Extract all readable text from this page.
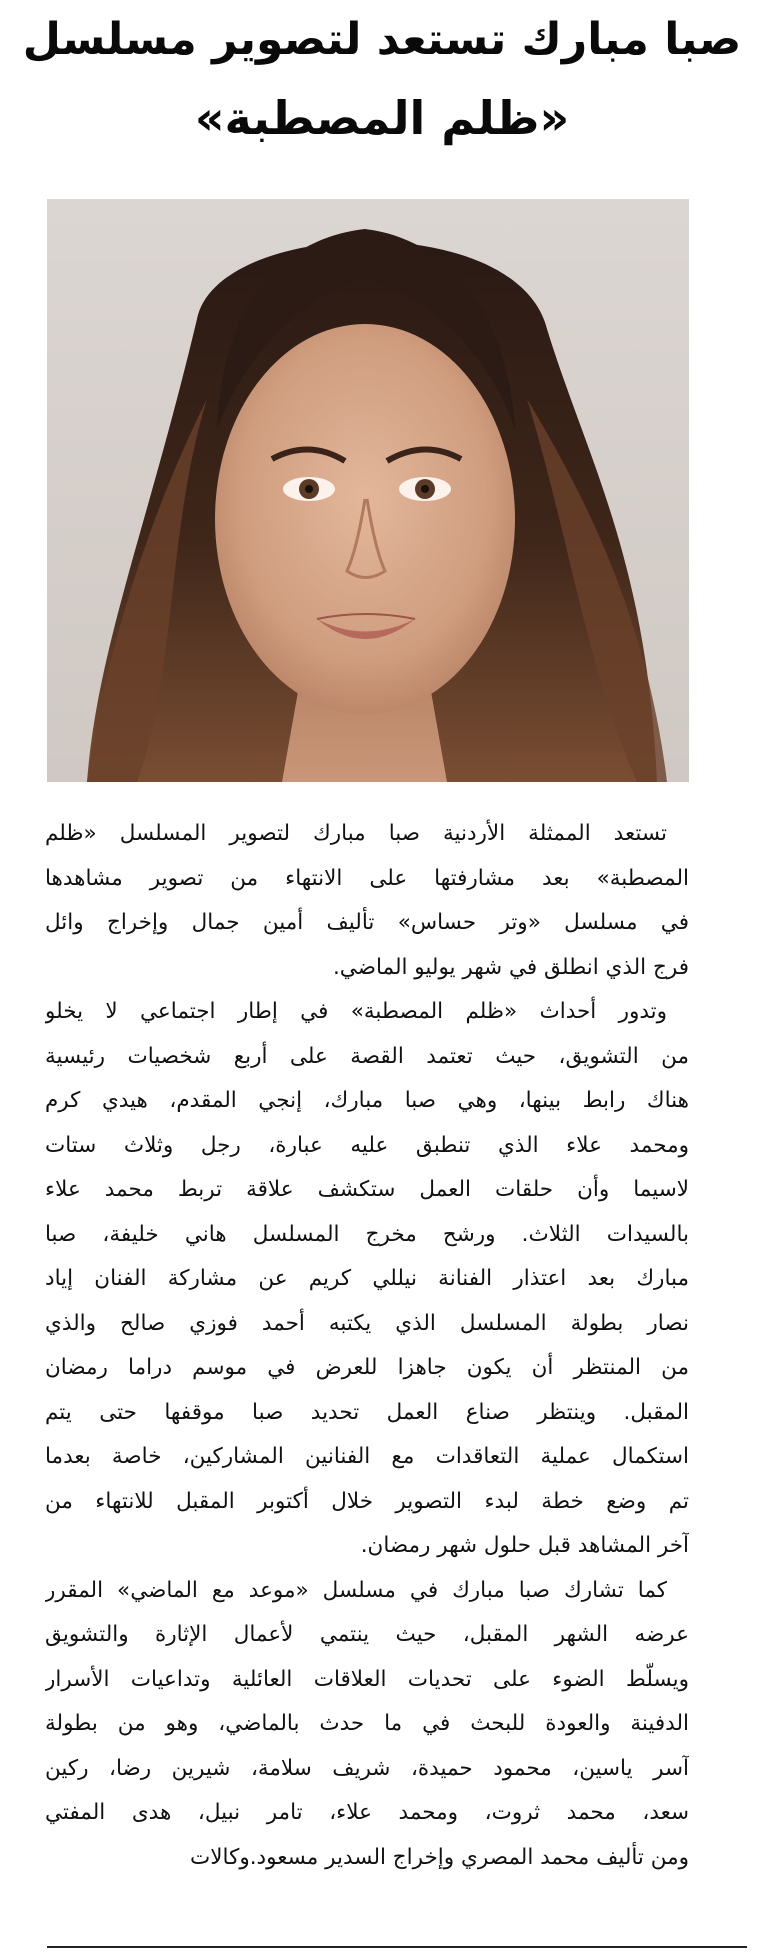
صبا مبارك تستعد لتصوير مسلسل
«ظلم المصطبة»
تستعد الممثلة الأردنية صبا مبارك لتصوير المسلسل «ظلم
المصطبة» بعد مشارفتها على الانتهاء من تصوير مشاهدها
في مسلسل «وتر حساس» تأليف أمين جمال وإخراج وائل
فرج الذي انطلق في شهر يوليو الماضي.
وتدور أحداث «ظلم المصطبة» في إطار اجتماعي لا يخلو
من التشويق، حيث تعتمد القصة على أربع شخصيات رئيسية
هناك رابط بينها، وهي صبا مبارك، إنجي المقدم، هيدي كرم
ومحمد علاء الذي تنطبق عليه عبارة، رجل وثلاث ستات
لاسيما وأن حلقات العمل ستكشف علاقة تربط محمد علاء
بالسيدات الثلاث. ورشح مخرج المسلسل هاني خليفة، صبا
مبارك بعد اعتذار الفنانة نيللي كريم عن مشاركة الفنان إياد
نصار بطولة المسلسل الذي يكتبه أحمد فوزي صالح والذي
من المنتظر أن يكون جاهزا للعرض في موسم دراما رمضان
المقبل. وينتظر صناع العمل تحديد صبا موقفها حتى يتم
استكمال عملية التعاقدات مع الفنانين المشاركين، خاصة بعدما
تم وضع خطة لبدء التصوير خلال أكتوبر المقبل للانتهاء من
آخر المشاهد قبل حلول شهر رمضان.
كما تشارك صبا مبارك في مسلسل «موعد مع الماضي» المقرر
عرضه الشهر المقبل، حيث ينتمي لأعمال الإثارة والتشويق
ويسلّط الضوء على تحديات العلاقات العائلية وتداعيات الأسرار
الدفينة والعودة للبحث في ما حدث بالماضي، وهو من بطولة
آسر ياسين، محمود حميدة، شريف سلامة، شيرين رضا، ركين
سعد، محمد ثروت، ومحمد علاء، تامر نبيل، هدى المفتي
ومن تأليف محمد المصري وإخراج السدير مسعود.وكالات
